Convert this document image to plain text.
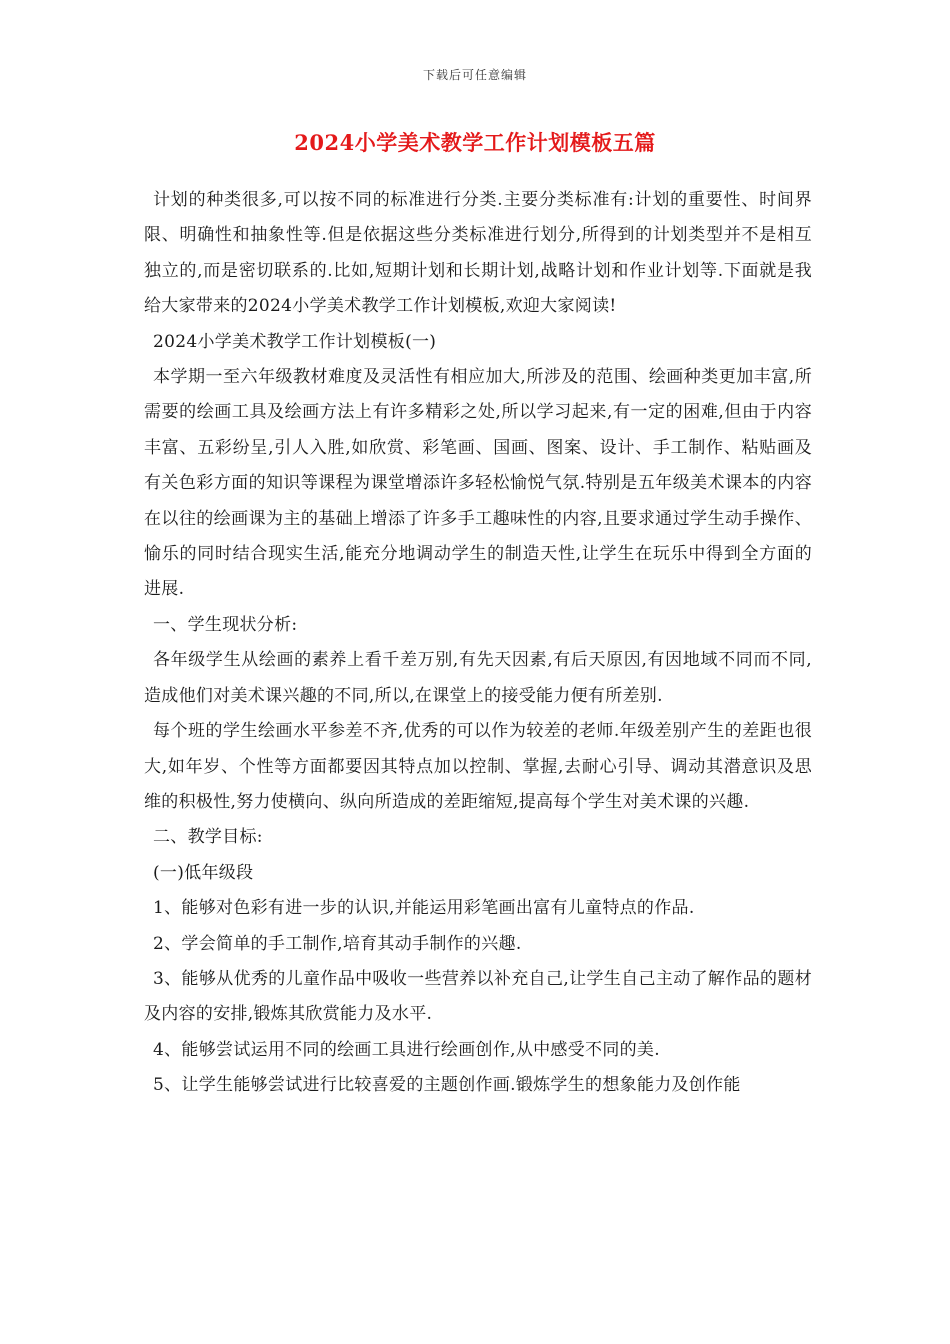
下载后可任意编辑
2024小学美术教学工作计划模板五篇

计划的种类很多,可以按不同的标准进行分类.主要分类标准有:计划的重要性、时间界限、明确性和抽象性等.但是依据这些分类标准进行划分,所得到的计划类型并不是相互独立的,而是密切联系的.比如,短期计划和长期计划,战略计划和作业计划等.下面就是我给大家带来的2024小学美术教学工作计划模板,欢迎大家阅读!

2024小学美术教学工作计划模板(一)

本学期一至六年级教材难度及灵活性有相应加大,所涉及的范围、绘画种类更加丰富,所需要的绘画工具及绘画方法上有许多精彩之处,所以学习起来,有一定的困难,但由于内容丰富、五彩纷呈,引人入胜,如欣赏、彩笔画、国画、图案、设计、手工制作、粘贴画及有关色彩方面的知识等课程为课堂增添许多轻松愉悦气氛.特别是五年级美术课本的内容在以往的绘画课为主的基础上增添了许多手工趣味性的内容,且要求通过学生动手操作、愉乐的同时结合现实生活,能充分地调动学生的制造天性,让学生在玩乐中得到全方面的进展.

一、学生现状分析:

各年级学生从绘画的素养上看千差万别,有先天因素,有后天原因,有因地域不同而不同,造成他们对美术课兴趣的不同,所以,在课堂上的接受能力便有所差别.

每个班的学生绘画水平参差不齐,优秀的可以作为较差的老师.年级差别产生的差距也很大,如年岁、个性等方面都要因其特点加以控制、掌握,去耐心引导、调动其潜意识及思维的积极性,努力使横向、纵向所造成的差距缩短,提高每个学生对美术课的兴趣.

二、教学目标:

(一)低年级段

1、能够对色彩有进一步的认识,并能运用彩笔画出富有儿童特点的作品.

2、学会简单的手工制作,培育其动手制作的兴趣.

3、能够从优秀的儿童作品中吸收一些营养以补充自己,让学生自己主动了解作品的题材及内容的安排,锻炼其欣赏能力及水平.

4、能够尝试运用不同的绘画工具进行绘画创作,从中感受不同的美.

5、让学生能够尝试进行比较喜爱的主题创作画.锻炼学生的想象能力及创作能
